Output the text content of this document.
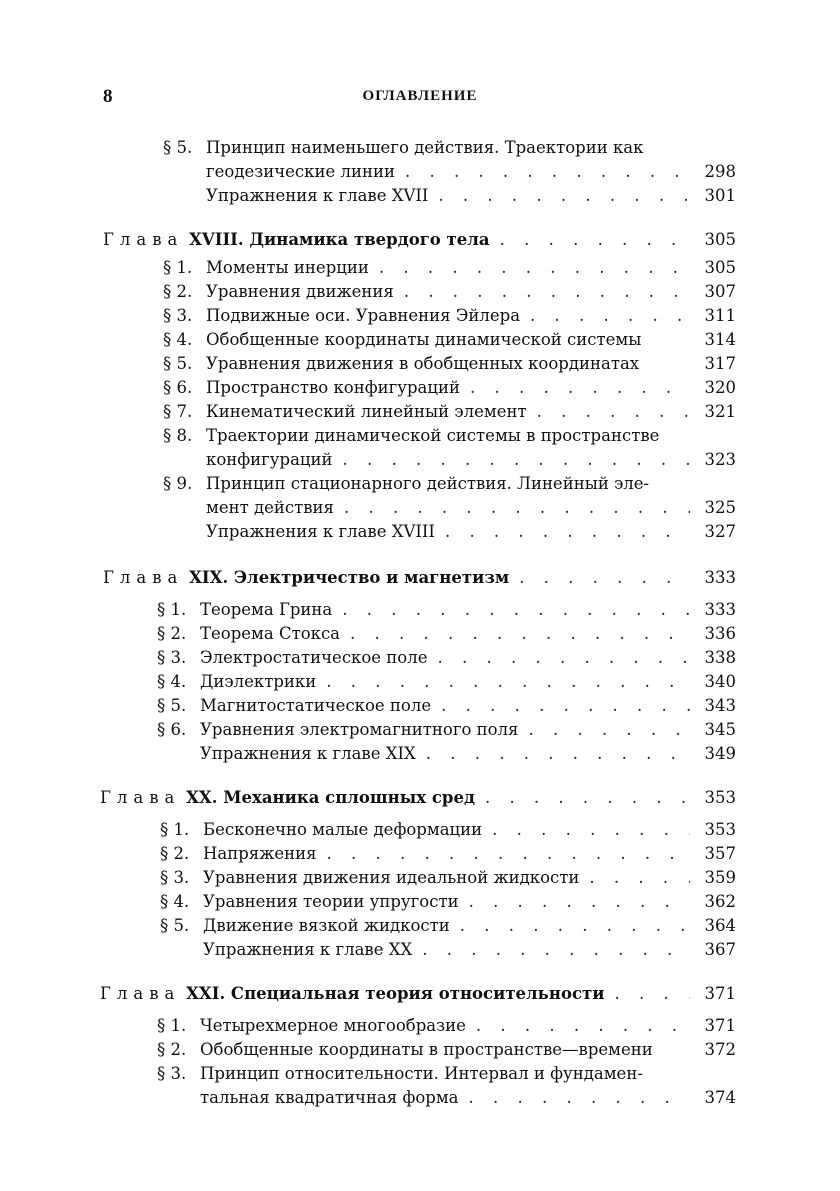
8	ОГЛАВЛЕНИЕ
§ 5. Принцип наименьшего действия. Траектории как
геодезические линии . . .	298
Упражнения к главе XVII . . .	301
Глава XVIII. Динамика твердого тела . . .	305
§ 1. Моменты инерции . . .	305
§ 2. Уравнения движения . . .	307
§ 3. Подвижные оси. Уравнения Эйлера . . .	311
§ 4. Обобщенные координаты динамической системы	314
§ 5. Уравнения движения в обобщенных координатах	317
§ 6. Пространство конфигураций . . .	320
§ 7. Кинематический линейный элемент . . .	321
§ 8. Траектории динамической системы в пространстве
конфигураций . . .	323
§ 9. Принцип стационарного действия. Линейный эле-
мент действия . . .	325
Упражнения к главе XVIII . . .	327
Глава XIX. Электричество и магнетизм . . .	333
§ 1. Теорема Грина . . .	333
§ 2. Теорема Стокса . . .	336
§ 3. Электростатическое поле . . .	338
§ 4. Диэлектрики . . .	340
§ 5. Магнитостатическое поле . . .	343
§ 6. Уравнения электромагнитного поля . . .	345
Упражнения к главе XIX . . .	349
Глава XX. Механика сплошных сред . . .	353
§ 1. Бесконечно малые деформации . . .	353
§ 2. Напряжения . . .	357
§ 3. Уравнения движения идеальной жидкости . . .	359
§ 4. Уравнения теории упругости . . .	362
§ 5. Движение вязкой жидкости . . .	364
Упражнения к главе XX . . .	367
Глава XXI. Специальная теория относительности . . .	371
§ 1. Четырехмерное многообразие . . .	371
§ 2. Обобщенные координаты в пространстве—времени	372
§ 3. Принцип относительности. Интервал и фундамен-
тальная квадратичная форма . . .	374
